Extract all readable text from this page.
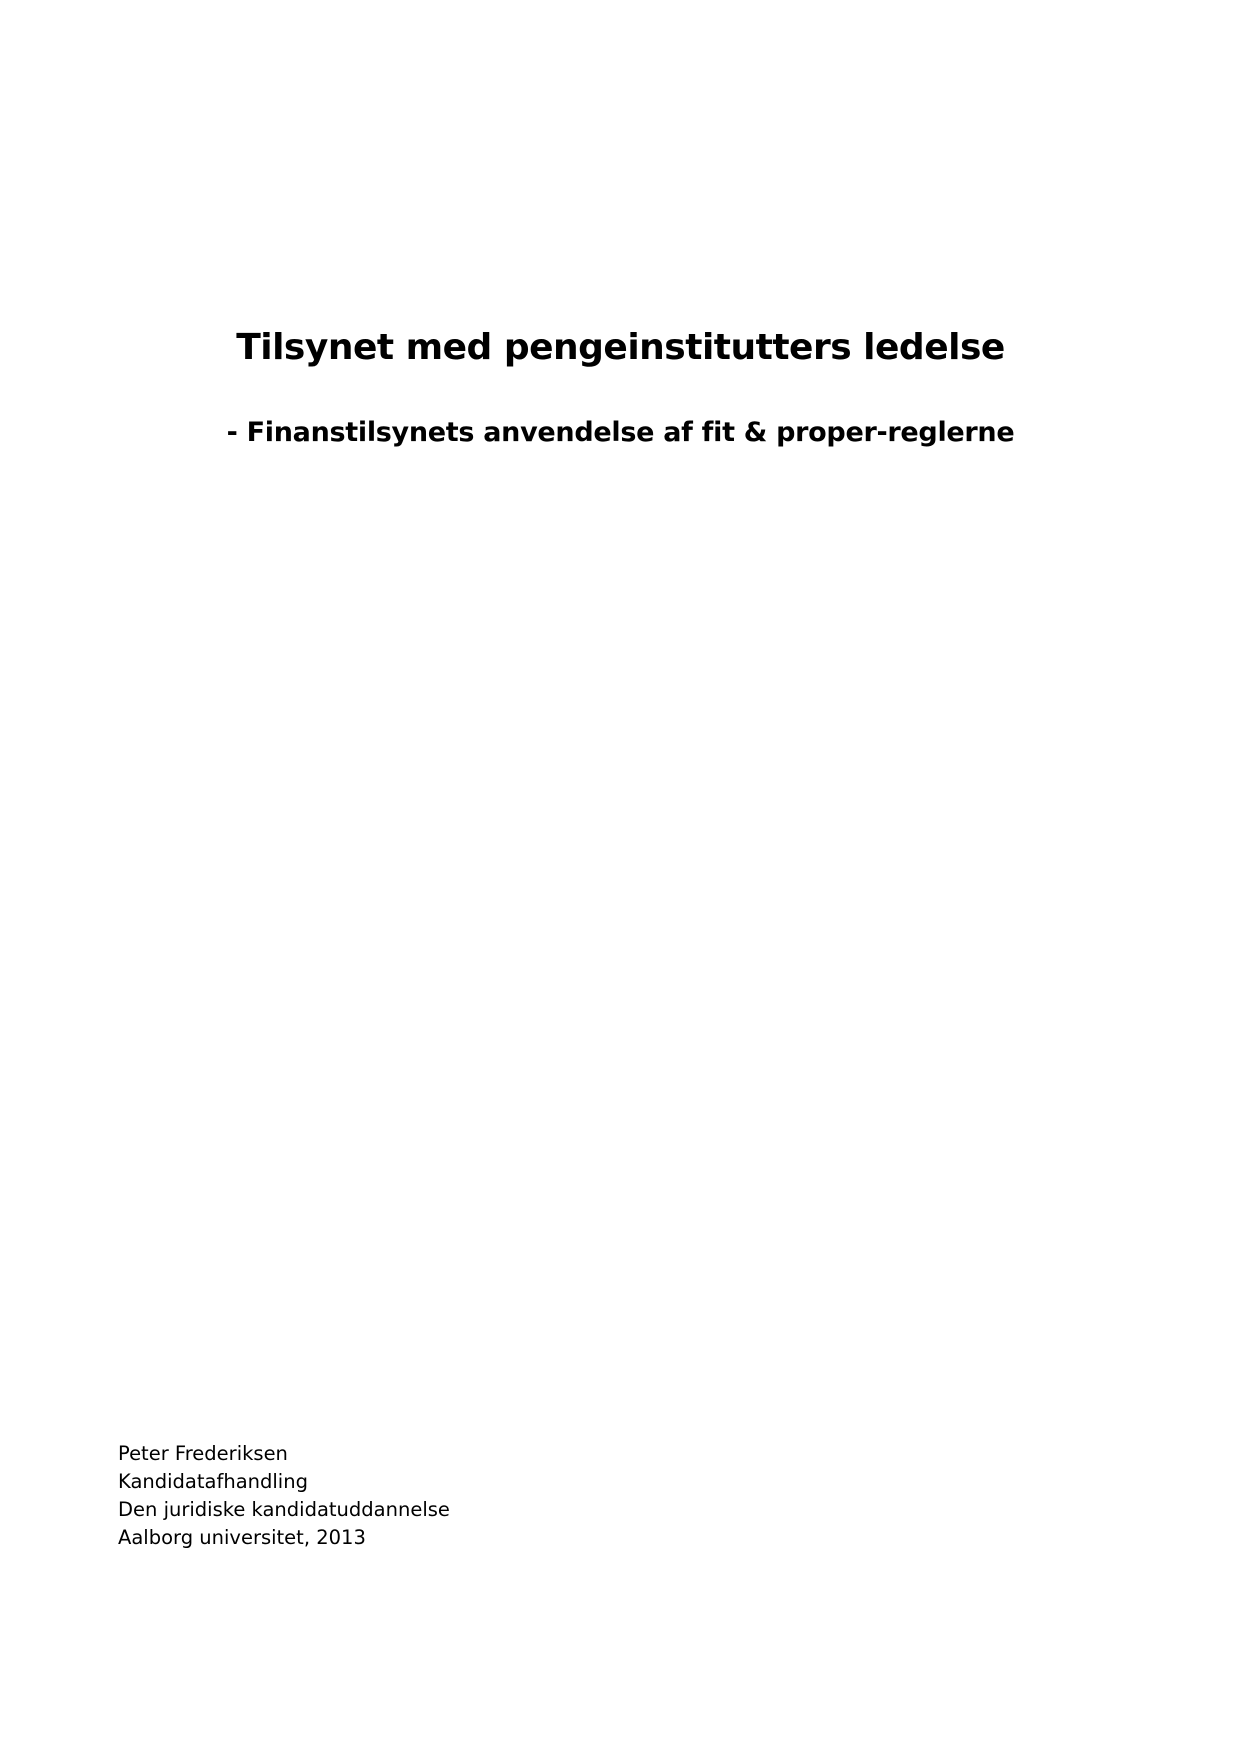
Tilsynet med pengeinstitutters ledelse
- Finanstilsynets anvendelse af fit & proper-reglerne
Peter Frederiksen
Kandidatafhandling
Den juridiske kandidatuddannelse
Aalborg universitet, 2013
